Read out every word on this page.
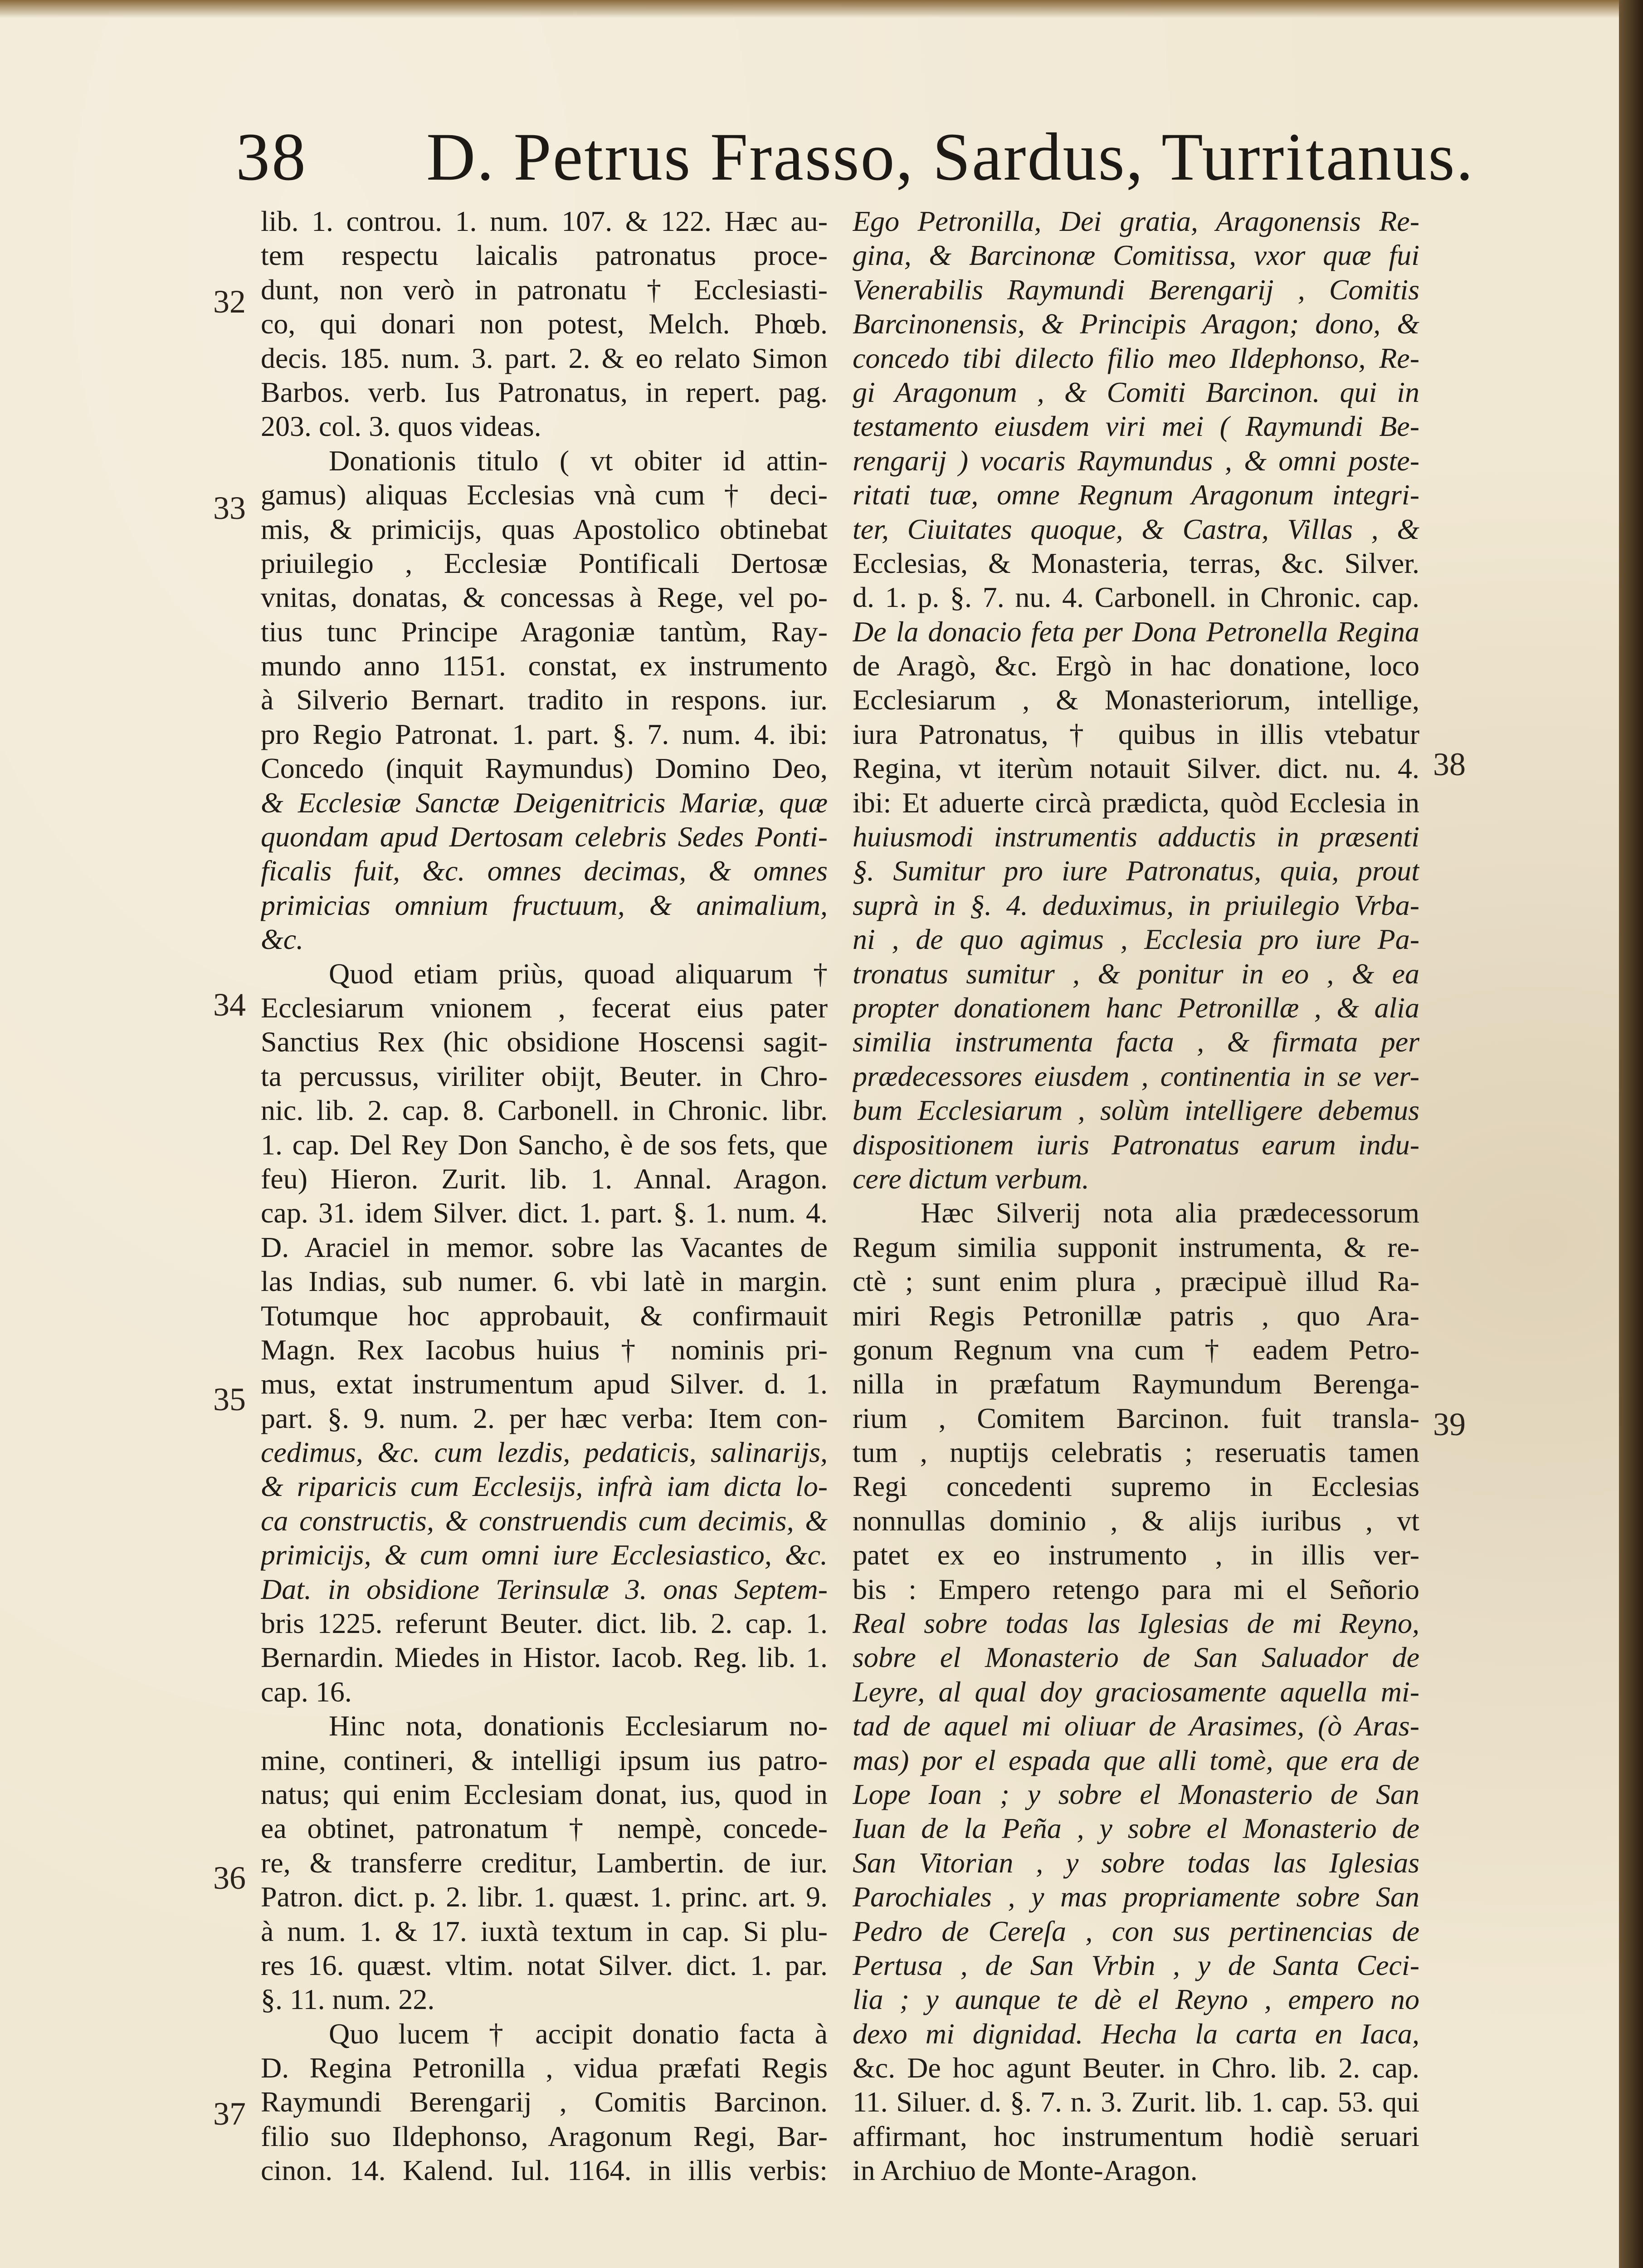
38 D. Petrus Frasso, Sardus, Turritanus.
lib. 1. controu. 1. num. 107. & 122. Hæc au-
tem respectu laicalis patronatus proce-
dunt, non verò in patronatu † Ecclesiasti-
co, qui donari non potest, Melch. Phœb.
decis. 185. num. 3. part. 2. & eo relato Simon
Barbos. verb. Ius Patronatus, in repert. pag.
203. col. 3. quos videas.
Donationis titulo ( vt obiter id attin-
gamus) aliquas Ecclesias vnà cum † deci-
mis, & primicijs, quas Apostolico obtinebat
priuilegio , Ecclesiæ Pontificali Dertosæ
vnitas, donatas, & concessas à Rege, vel po-
tius tunc Principe Aragoniæ tantùm, Ray-
mundo anno 1151. constat, ex instrumento
à Silverio Bernart. tradito in respons. iur.
pro Regio Patronat. 1. part. §. 7. num. 4. ibi:
Concedo (inquit Raymundus) Domino Deo,
& Ecclesiæ Sanctæ Deigenitricis Mariæ, quæ
quondam apud Dertosam celebris Sedes Ponti-
ficalis fuit, &c. omnes decimas, & omnes
primicias omnium fructuum, & animalium,
&c.
Quod etiam priùs, quoad aliquarum †
Ecclesiarum vnionem , fecerat eius pater
Sanctius Rex (hic obsidione Hoscensi sagit-
ta percussus, viriliter obijt, Beuter. in Chro-
nic. lib. 2. cap. 8. Carbonell. in Chronic. libr.
1. cap. Del Rey Don Sancho, è de sos fets, que
feu) Hieron. Zurit. lib. 1. Annal. Aragon.
cap. 31. idem Silver. dict. 1. part. §. 1. num. 4.
D. Araciel in memor. sobre las Vacantes de
las Indias, sub numer. 6. vbi latè in margin.
Totumque hoc approbauit, & confirmauit
Magn. Rex Iacobus huius † nominis pri-
mus, extat instrumentum apud Silver. d. 1.
part. §. 9. num. 2. per hæc verba: Item con-
cedimus, &c. cum lezdis, pedaticis, salinarijs,
& riparicis cum Ecclesijs, infrà iam dicta lo-
ca constructis, & construendis cum decimis, &
primicijs, & cum omni iure Ecclesiastico, &c.
Dat. in obsidione Terinsulæ 3. onas Septem-
bris 1225. referunt Beuter. dict. lib. 2. cap. 1.
Bernardin. Miedes in Histor. Iacob. Reg. lib. 1.
cap. 16.
Hinc nota, donationis Ecclesiarum no-
mine, contineri, & intelligi ipsum ius patro-
natus; qui enim Ecclesiam donat, ius, quod in
ea obtinet, patronatum † nempè, concede-
re, & transferre creditur, Lambertin. de iur.
Patron. dict. p. 2. libr. 1. quæst. 1. princ. art. 9.
à num. 1. & 17. iuxtà textum in cap. Si plu-
res 16. quæst. vltim. notat Silver. dict. 1. par.
§. 11. num. 22.
Quo lucem † accipit donatio facta à
D. Regina Petronilla , vidua præfati Regis
Raymundi Berengarij , Comitis Barcinon.
filio suo Ildephonso, Aragonum Regi, Bar-
cinon. 14. Kalend. Iul. 1164. in illis verbis:
Ego Petronilla, Dei gratia, Aragonensis Re-
gina, & Barcinonæ Comitissa, vxor quæ fui
Venerabilis Raymundi Berengarij , Comitis
Barcinonensis, & Principis Aragon; dono, &
concedo tibi dilecto filio meo Ildephonso, Re-
gi Aragonum , & Comiti Barcinon. qui in
testamento eiusdem viri mei ( Raymundi Be-
rengarij ) vocaris Raymundus , & omni poste-
ritati tuæ, omne Regnum Aragonum integri-
ter, Ciuitates quoque, & Castra, Villas , &
Ecclesias, & Monasteria, terras, &c. Silver.
d. 1. p. §. 7. nu. 4. Carbonell. in Chronic. cap.
De la donacio feta per Dona Petronella Regina
de Aragò, &c. Ergò in hac donatione, loco
Ecclesiarum , & Monasteriorum, intellige,
iura Patronatus, † quibus in illis vtebatur
Regina, vt iterùm notauit Silver. dict. nu. 4.
ibi: Et aduerte circà prædicta, quòd Ecclesia in
huiusmodi instrumentis adductis in præsenti
§. Sumitur pro iure Patronatus, quia, prout
suprà in §. 4. deduximus, in priuilegio Vrba-
ni , de quo agimus , Ecclesia pro iure Pa-
tronatus sumitur , & ponitur in eo , & ea
propter donationem hanc Petronillæ , & alia
similia instrumenta facta , & firmata per
prædecessores eiusdem , continentia in se ver-
bum Ecclesiarum , solùm intelligere debemus
dispositionem iuris Patronatus earum indu-
cere dictum verbum.
Hæc Silverij nota alia prædecessorum
Regum similia supponit instrumenta, & re-
ctè ; sunt enim plura , præcipuè illud Ra-
miri Regis Petronillæ patris , quo Ara-
gonum Regnum vna cum † eadem Petro-
nilla in præfatum Raymundum Berenga-
rium , Comitem Barcinon. fuit transla-
tum , nuptijs celebratis ; reseruatis tamen
Regi concedenti supremo in Ecclesias
nonnullas dominio , & alijs iuribus , vt
patet ex eo instrumento , in illis ver-
bis : Empero retengo para mi el Señorio
Real sobre todas las Iglesias de mi Reyno,
sobre el Monasterio de San Saluador de
Leyre, al qual doy graciosamente aquella mi-
tad de aquel mi oliuar de Arasimes, (ò Aras-
mas) por el espada que alli tomè, que era de
Lope Ioan ; y sobre el Monasterio de San
Iuan de la Peña , y sobre el Monasterio de
San Vitorian , y sobre todas las Iglesias
Parochiales , y mas propriamente sobre San
Pedro de Cereſa , con sus pertinencias de
Pertusa , de San Vrbin , y de Santa Ceci-
lia ; y aunque te dè el Reyno , empero no
dexo mi dignidad. Hecha la carta en Iaca,
&c. De hoc agunt Beuter. in Chro. lib. 2. cap.
11. Siluer. d. §. 7. n. 3. Zurit. lib. 1. cap. 53. qui
affirmant, hoc instrumentum hodiè seruari
in Archiuo de Monte-Aragon.
32
33
34
35
36
37
38
39
